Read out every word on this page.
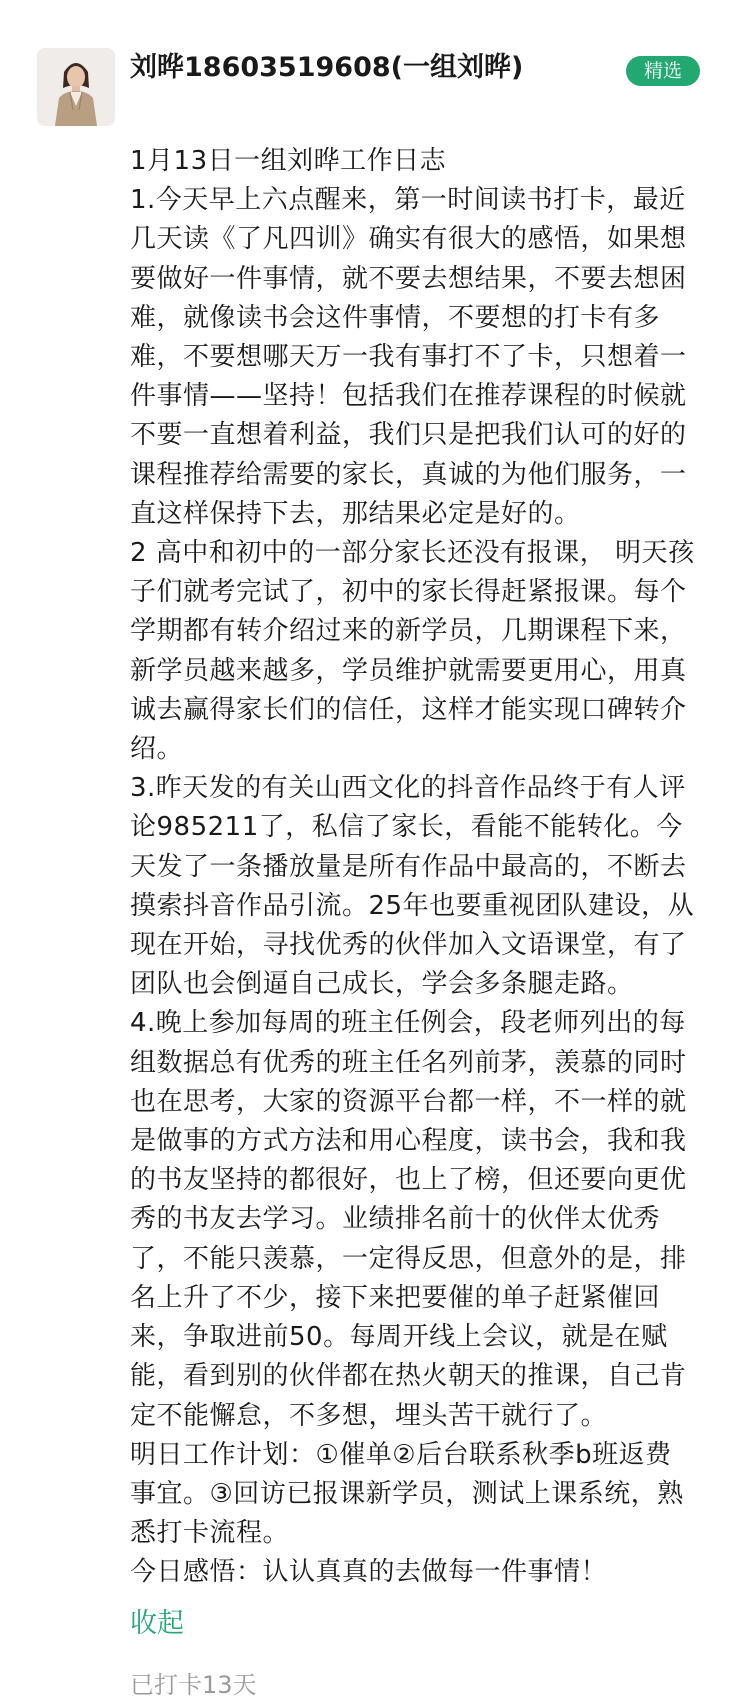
刘晔18603519608(一组刘晔)	精选

1月13日一组刘晔工作日志

1.今天早上六点醒来，第一时间读书打卡，最近几天读《了凡四训》确实有很大的感悟，如果想要做好一件事情，就不要去想结果，不要去想困难，就像读书会这件事情，不要想的打卡有多难，不要想哪天万一我有事打不了卡，只想着一件事情——坚持！包括我们在推荐课程的时候就不要一直想着利益，我们只是把我们认可的好的课程推荐给需要的家长，真诚的为他们服务，一直这样保持下去，那结果必定是好的。

2 高中和初中的一部分家长还没有报课， 明天孩子们就考完试了，初中的家长得赶紧报课。每个学期都有转介绍过来的新学员，几期课程下来，新学员越来越多，学员维护就需要更用心，用真诚去赢得家长们的信任，这样才能实现口碑转介绍。

3.昨天发的有关山西文化的抖音作品终于有人评论985211了，私信了家长，看能不能转化。今天发了一条播放量是所有作品中最高的，不断去摸索抖音作品引流。25年也要重视团队建设，从现在开始，寻找优秀的伙伴加入文语课堂，有了团队也会倒逼自己成长，学会多条腿走路。

4.晚上参加每周的班主任例会，段老师列出的每组数据总有优秀的班主任名列前茅，羡慕的同时也在思考，大家的资源平台都一样，不一样的就是做事的方式方法和用心程度，读书会，我和我的书友坚持的都很好，也上了榜，但还要向更优秀的书友去学习。业绩排名前十的伙伴太优秀了，不能只羡慕，一定得反思，但意外的是，排名上升了不少，接下来把要催的单子赶紧催回来，争取进前50。每周开线上会议，就是在赋能，看到别的伙伴都在热火朝天的推课，自己肯定不能懈怠，不多想，埋头苦干就行了。

明日工作计划：①催单②后台联系秋季b班返费事宜。③回访已报课新学员，测试上课系统，熟悉打卡流程。

今日感悟：认认真真的去做每一件事情！

收起
已打卡13天
